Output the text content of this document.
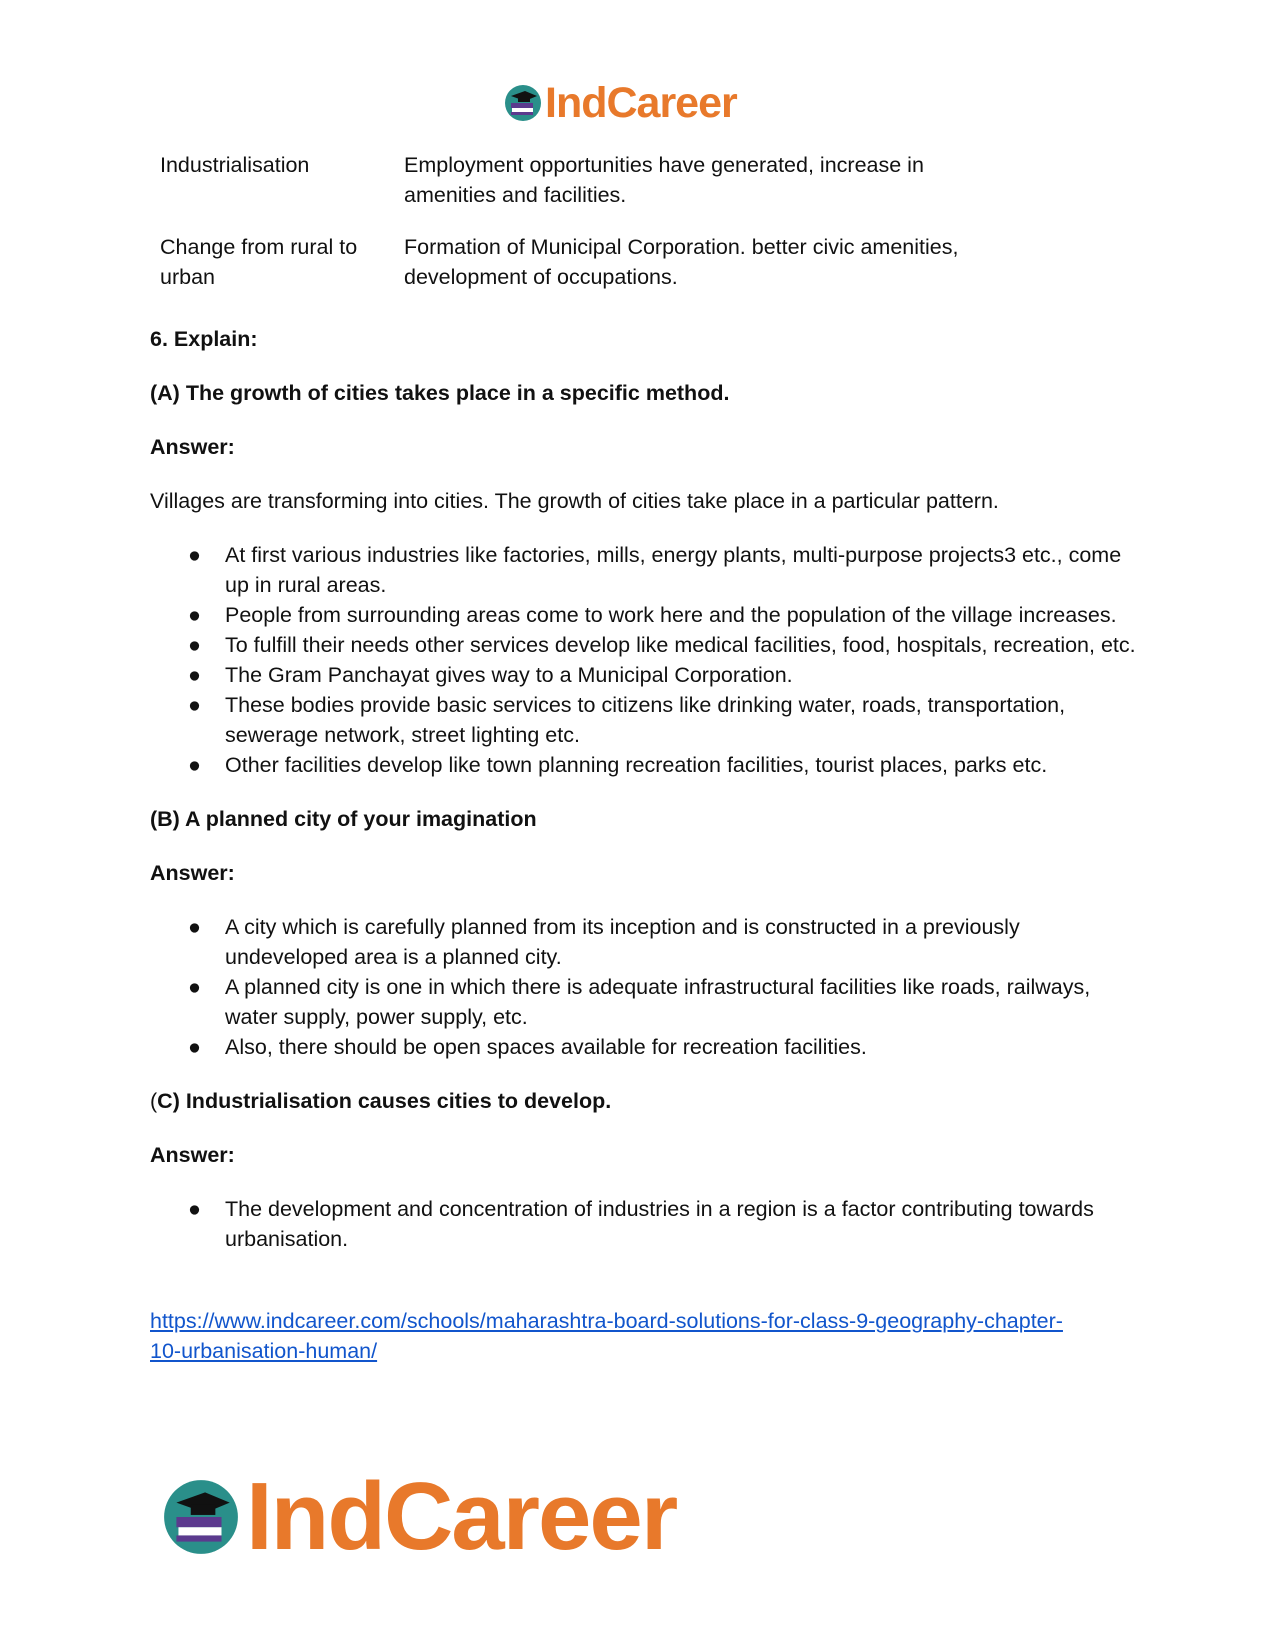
IndCareer
Industrialisation	Employment opportunities have generated, increase in amenities and facilities.
Change from rural to urban	Formation of Municipal Corporation. better civic amenities, development of occupations.

6. Explain:

(A) The growth of cities takes place in a specific method.

Answer:

Villages are transforming into cities. The growth of cities take place in a particular pattern.

● At first various industries like factories, mills, energy plants, multi-purpose projects3 etc., come up in rural areas.
● People from surrounding areas come to work here and the population of the village increases.
● To fulfill their needs other services develop like medical facilities, food, hospitals, recreation, etc.
● The Gram Panchayat gives way to a Municipal Corporation.
● These bodies provide basic services to citizens like drinking water, roads, transportation, sewerage network, street lighting etc.
● Other facilities develop like town planning recreation facilities, tourist places, parks etc.

(B) A planned city of your imagination

Answer:

● A city which is carefully planned from its inception and is constructed in a previously undeveloped area is a planned city.
● A planned city is one in which there is adequate infrastructural facilities like roads, railways, water supply, power supply, etc.
● Also, there should be open spaces available for recreation facilities.

(C) Industrialisation causes cities to develop.

Answer:

● The development and concentration of industries in a region is a factor contributing towards urbanisation.
https://www.indcareer.com/schools/maharashtra-board-solutions-for-class-9-geography-chapter-
10-urbanisation-human/
IndCareer
